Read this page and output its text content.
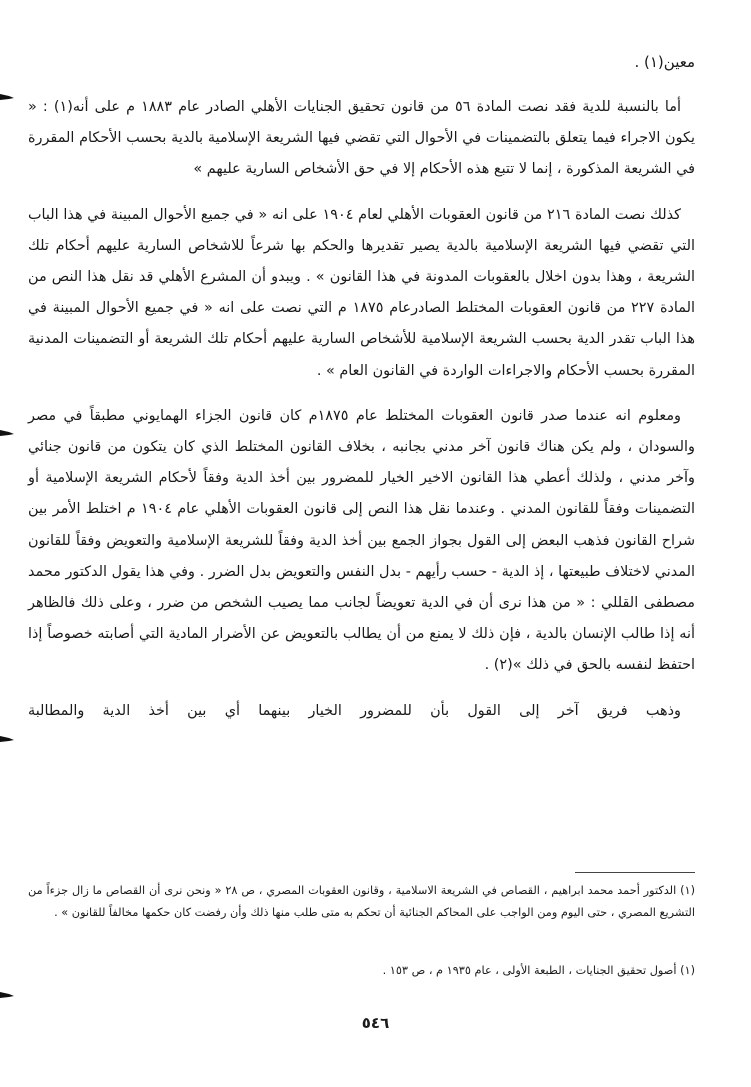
معين(١) .

أما بالنسبة للدية فقد نصت المادة ٥٦ من قانون تحقيق الجنايات الأهلي الصادر عام ١٨٨٣ م على أنه(١) : « يكون الاجراء فيما يتعلق بالتضمينات في الأحوال التي تقضي فيها الشريعة الإسلامية بالدية بحسب الأحكام المقررة في الشريعة المذكورة ، إنما لا تتبع هذه الأحكام إلا في حق الأشخاص السارية عليهم »

كذلك نصت المادة ٢١٦ من قانون العقوبات الأهلي لعام ١٩٠٤ على انه « في جميع الأحوال المبينة في هذا الباب التي تقضي فيها الشريعة الإسلامية بالدية يصير تقديرها والحكم بها شرعاً للاشخاص السارية عليهم أحكام تلك الشريعة ، وهذا بدون اخلال بالعقوبات المدونة في هذا القانون » . ويبدو أن المشرع الأهلي قد نقل هذا النص من المادة ٢٢٧ من قانون العقوبات المختلط الصادرعام ١٨٧٥ م التي نصت على انه « في جميع الأحوال المبينة في هذا الباب تقدر الدية بحسب الشريعة الإسلامية للأشخاص السارية عليهم أحكام تلك الشريعة أو التضمينات المدنية المقررة بحسب الأحكام والاجراءات الواردة في القانون العام » .

ومعلوم انه عندما صدر قانون العقوبات المختلط عام ١٨٧٥م كان قانون الجزاء الهمايوني مطبقاً في مصر والسودان ، ولم يكن هناك قانون آخر مدني بجانبه ، بخلاف القانون المختلط الذي كان يتكون من قانون جنائي وآخر مدني ، ولذلك أعطي هذا القانون الاخير الخيار للمضرور بين أخذ الدية وفقاً لأحكام الشريعة الإسلامية أو التضمينات وفقاً للقانون المدني . وعندما نقل هذا النص إلى قانون العقوبات الأهلي عام ١٩٠٤ م اختلط الأمر بين شراح القانون فذهب البعض إلى القول بجواز الجمع بين أخذ الدية وفقاً للشريعة الإسلامية والتعويض وفقاً للقانون المدني لاختلاف طبيعتها ، إذ الدية - حسب رأيهم - بدل النفس والتعويض بدل الضرر . وفي هذا يقول الدكتور محمد مصطفى القللي : « من هذا نرى أن في الدية تعويضاً لجانب مما يصيب الشخص من ضرر ، وعلى ذلك فالظاهر أنه إذا طالب الإنسان بالدية ، فإن ذلك لا يمنع من أن يطالب بالتعويض عن الأضرار المادية التي أصابته خصوصاً إذا احتفظ لنفسه بالحق في ذلك »(٢) .

وذهب فريق آخر إلى القول بأن للمضرور الخيار بينهما أي بين أخذ الدية والمطالبة

(١) الدكتور أحمد محمد ابراهيم ، القصاص في الشريعة الاسلامية ، وقانون العقوبات المصري ، ص ٢٨ « ونحن نرى أن القصاص ما زال جزءاً من التشريع المصري ، حتى اليوم ومن الواجب على المحاكم الجنائية أن تحكم به متى طلب منها ذلك وأن رفضت كان حكمها مخالفاً للقانون » .
(١) أصول تحقيق الجنايات ، الطبعة الأولى ، عام ١٩٣٥ م ، ص ١٥٣ .
٥٤٦
